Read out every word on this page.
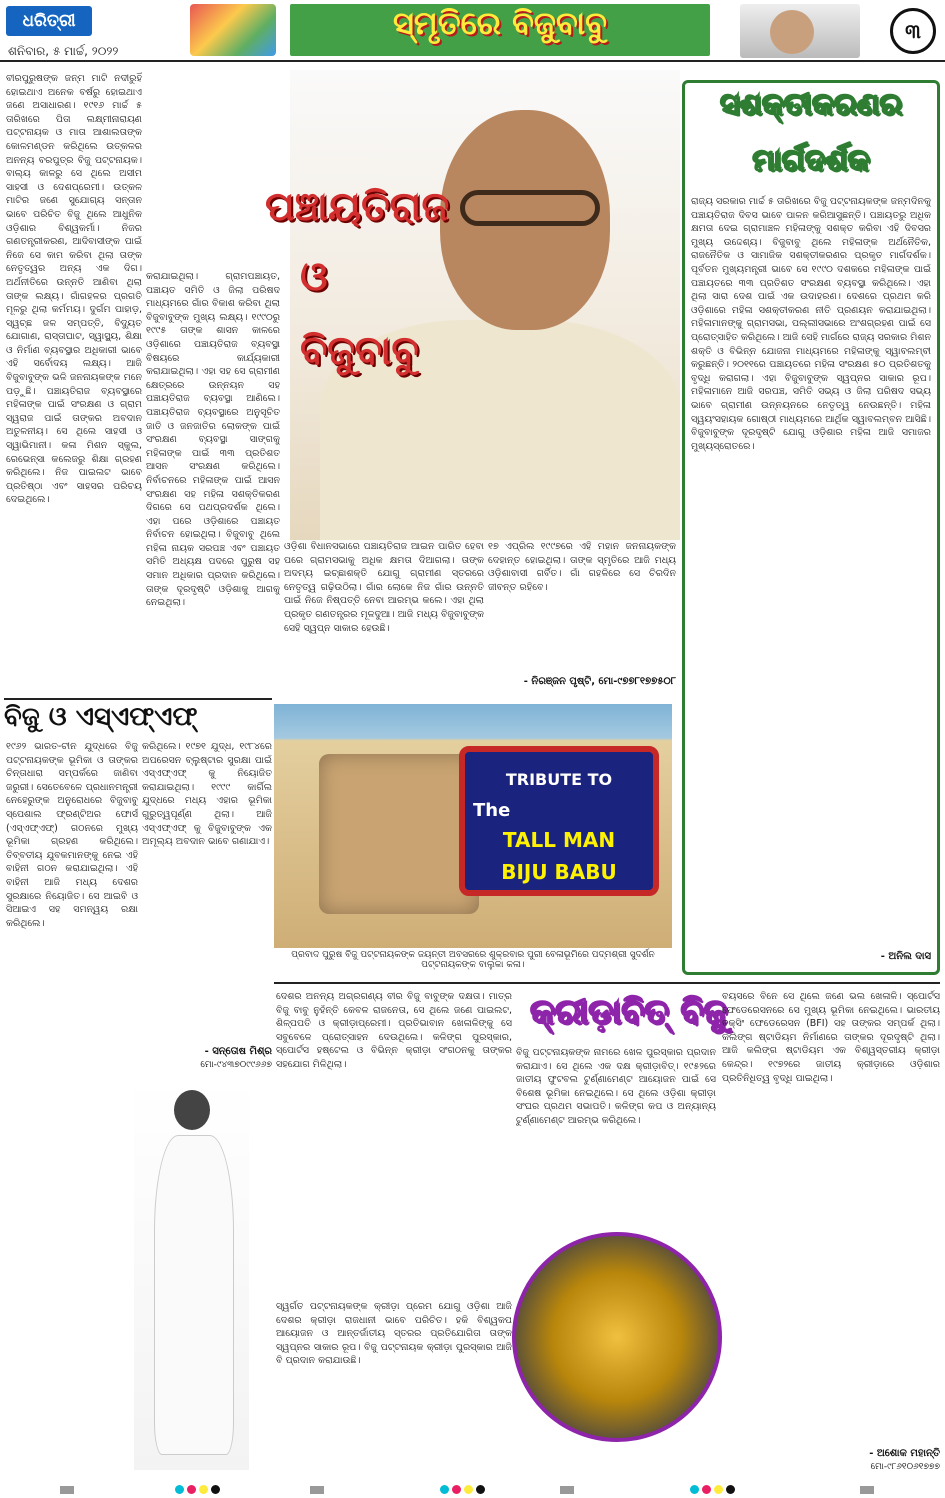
ଧରିତ୍ରୀ
ଶନିବାର, ୫ ମାର୍ଚ୍ଚ, ୨୦୨୨
ସ୍ମୃତିରେ ବିଜୁବାବୁ	୩
ପଞ୍ଚାୟତିରାଜ
ଓ ବିଜୁବାବୁ

ବୀରପୁରୁଷଙ୍କ ଜନ୍ମ ମାଟି ନଦୀରୁହିଁ ହୋଇଥାଏ ଅନେକ ବର୍ଷରୁ ହୋଇଥାଏ ଜଣେ ଅସାଧାରଣ। ୧୯୧୬ ମାର୍ଚ୍ଚ ୫ ତାରିଖରେ ପିତା ଲକ୍ଷ୍ମୀନାରାୟଣ ପଟ୍ଟନାୟକ ଓ ମାତା ଆଶାଲତାଙ୍କ କୋଳମଣ୍ଡନ କରିଥିଲେ ଉତ୍କଳର ଅନନ୍ୟ ବରପୁତ୍ର ବିଜୁ ପଟ୍ଟନାୟକ। ବାଲ୍ୟ କାଳରୁ ସେ ଥିଲେ ଅସୀମ ସାହସୀ ଓ ଦେଶପ୍ରେମୀ। ଉତ୍କଳ ମାଟିର ଜଣେ ସୁଯୋଗ୍ୟ ସନ୍ତାନ ଭାବେ ପରିଚିତ ବିଜୁ ଥିଲେ ଆଧୁନିକ ଓଡ଼ିଶାର ବିଶ୍ୱକର୍ମା। ନିଜର ଗଣତନ୍ତ୍ରୀକରଣ, ଆଦିବାସୀଙ୍କ ପାଇଁ ନିଜେ ସେ କାମ କରିବା ଥିଲା ତାଙ୍କ ନେତୃତ୍ୱର ଅନ୍ୟ ଏକ ଦିଗ। ଅର୍ଥନୀତିରେ ଉନ୍ନତି ଆଣିବା ଥିଲା ତାଙ୍କ ଲକ୍ଷ୍ୟ। ଗାଁଗହଳର ପ୍ରଗତି ମୂଳରୁ ଥିଲା କର୍ମମୟ। ଦୁର୍ଗମ ପାହାଡ଼, ସ୍ୱଚ୍ଛ ଜଳ ସମ୍ପତ୍ତି, ବିଦ୍ୟୁତ ଯୋଗାଣ, ରାସ୍ତାଘାଟ, ସ୍ୱାସ୍ଥ୍ୟ, ଶିକ୍ଷା ଓ ନିର୍ମାଣ ବ୍ୟବସ୍ଥାର ଅଧିକାରୀ ଭାବେ ଏହି ସର୍ବୋଦୟ ଲକ୍ଷ୍ୟ। ଆଜି ବିଜୁବାବୁଙ୍କ ଭଳି ଜନନାୟକଙ୍କ ମନେ ପଡ଼ୁଛି। ପଞ୍ଚାୟତିରାଜ ବ୍ୟବସ୍ଥାରେ ମହିଳାଙ୍କ ପାଇଁ ସଂରକ୍ଷଣ ଓ ଗ୍ରାମ ସ୍ୱରାଜ ପାଇଁ ତାଙ୍କର ଅବଦାନ ଅତୁଳନୀୟ। ସେ ଥିଲେ ସାହସୀ ଓ ସ୍ୱାଭିମାନୀ। କଳା ମିଶନ ସ୍କୁଲ, ରେଭେନ୍ସା କଲେଜରୁ ଶିକ୍ଷା ଗ୍ରହଣ କରିଥିଲେ। ନିଜ ପାଇଲଟ ଭାବେ ପ୍ରତିଷ୍ଠା ଏବଂ ସାହସର ପରିଚୟ ଦେଇଥିଲେ।

କରାଯାଇଥିଲା। ଗ୍ରାମପଞ୍ଚାୟତ, ପଞ୍ଚାୟତ ସମିତି ଓ ଜିଲା ପରିଷଦ ମାଧ୍ୟମରେ ଗାଁର ବିକାଶ କରିବା ଥିଲା ବିଜୁବାବୁଙ୍କ ମୁଖ୍ୟ ଲକ୍ଷ୍ୟ। ୧୯୯୦ରୁ ୧୯୯୫ ତାଙ୍କ ଶାସନ କାଳରେ ଓଡ଼ିଶାରେ ପଞ୍ଚାୟତିରାଜ ବ୍ୟବସ୍ଥା ବିଷୟରେ କାର୍ଯ୍ୟକାରୀ କରାଯାଇଥିଲା। ଏହା ସହ ସେ ଗ୍ରାମୀଣ କ୍ଷେତ୍ରରେ ଉନ୍ନୟନ ସହ ପଞ୍ଚାୟତିରାଜ ବ୍ୟବସ୍ଥା ଆଣିଲେ। ପଞ୍ଚାୟତିରାଜ ବ୍ୟବସ୍ଥାରେ ଅନୁସୂଚିତ ଜାତି ଓ ଜନଜାତିର ଲୋକଙ୍କ ପାଇଁ ସଂରକ୍ଷଣ ବ୍ୟବସ୍ଥା ସାଙ୍ଗକୁ ମହିଳାଙ୍କ ପାଇଁ ୩୩ ପ୍ରତିଶତ ଆସନ ସଂରକ୍ଷଣ କରିଥିଲେ। ନିର୍ବାଚନରେ ମହିଳାଙ୍କ ପାଇଁ ଆସନ ସଂରକ୍ଷଣ ସହ ମହିଳା ସଶକ୍ତିକରଣ ଦିଗରେ ସେ ପଥପ୍ରଦର୍ଶକ ଥିଲେ। ଏହା ପରେ ଓଡ଼ିଶାରେ ପଞ୍ଚାୟତ ନିର୍ବାଚନ ହୋଇଥିଲା। ବିଜୁବାବୁ ଥିଲେ ମହିଳା ନାୟକ ସରପଞ୍ଚ ଏବଂ ପଞ୍ଚାୟତ ସମିତି ଅଧ୍ୟକ୍ଷ ପଦରେ ପୁରୁଷ ସହ ସମାନ ଅଧିକାର ପ୍ରଦାନ କରିଥିଲେ। ତାଙ୍କ ଦୂରଦୃଷ୍ଟି ଓଡ଼ିଶାକୁ ଆଗକୁ ନେଇଥିଲା।

ଓଡ଼ିଶା ବିଧାନସଭାରେ ପଞ୍ଚାୟତିରାଜ ଆଇନ ପାରିତ ହେବା ପରେ ଗ୍ରାମସଭାକୁ ଅଧିକ କ୍ଷମତା ଦିଆଗଲା। ତାଙ୍କ ଅଦମ୍ୟ ଇଚ୍ଛାଶକ୍ତି ଯୋଗୁ ଗ୍ରାମୀଣ ସ୍ତରରେ ନେତୃତ୍ୱ ଗଢ଼ିଉଠିଲା। ଗାଁର ଲୋକେ ନିଜ ଗାଁର ଉନ୍ନତି ପାଇଁ ନିଜେ ନିଷ୍ପତ୍ତି ନେବା ଆରମ୍ଭ କଲେ। ଏହା ଥିଲା ପ୍ରକୃତ ଗଣତନ୍ତ୍ରର ମୂଳଦୁଆ। ଆଜି ମଧ୍ୟ ବିଜୁବାବୁଙ୍କ ସେହି ସ୍ୱପ୍ନ ସାକାର ହେଉଛି।

୧୭ ଏପ୍ରିଲ ୧୯୯୭ରେ ଏହି ମହାନ ଜନନାୟକଙ୍କ ଦେହାନ୍ତ ହୋଇଥିଲା। ତାଙ୍କ ସ୍ମୃତିରେ ଆଜି ମଧ୍ୟ ଓଡ଼ିଶାବାସୀ ଗର୍ବିତ। ଗାଁ ଗହଳିରେ ସେ ଚିରଦିନ ଜୀବନ୍ତ ରହିବେ।

- ନିରଞ୍ଜନ ପୃଷ୍ଟି, ମୋ-୯୭୭୮୧୭୭୫୦୮
ସଶକ୍ତୀକରଣର
ମାର୍ଗଦର୍ଶକ

ରାଜ୍ୟ ସରକାର ମାର୍ଚ୍ଚ ୫ ତାରିଖରେ ବିଜୁ ପଟ୍ଟନାୟକଙ୍କ ଜନ୍ମଦିନକୁ ପଞ୍ଚାୟତିରାଜ ଦିବସ ଭାବେ ପାଳନ କରିଆସୁଛନ୍ତି। ପଞ୍ଚାୟତରୁ ଅଧିକ କ୍ଷମତା ଦେଇ ଗ୍ରାମାଞ୍ଚଳ ମହିଳାଙ୍କୁ ସଶକ୍ତ କରିବା ଏହି ଦିବସର ମୁଖ୍ୟ ଉଦ୍ଦେଶ୍ୟ। ବିଜୁବାବୁ ଥିଲେ ମହିଳାଙ୍କ ଅର୍ଥନୈତିକ, ରାଜନୈତିକ ଓ ସାମାଜିକ ସଶକ୍ତୀକରଣର ପ୍ରକୃତ ମାର୍ଗଦର୍ଶକ। ପୂର୍ବତନ ମୁଖ୍ୟମନ୍ତ୍ରୀ ଭାବେ ସେ ୧୯୯୦ ଦଶକରେ ମହିଳାଙ୍କ ପାଇଁ ପଞ୍ଚାୟତରେ ୩୩ ପ୍ରତିଶତ ସଂରକ୍ଷଣ ବ୍ୟବସ୍ଥା କରିଥିଲେ। ଏହା ଥିଲା ସାରା ଦେଶ ପାଇଁ ଏକ ଉଦାହରଣ। ଦେଶରେ ପ୍ରଥମ କରି ଓଡ଼ିଶାରେ ମହିଳା ସଶକ୍ତୀକରଣ ନୀତି ପ୍ରଣୟନ କରାଯାଇଥିଲା। ମହିଳାମାନଙ୍କୁ ଗ୍ରାମସଭା, ପଲ୍ଲୀସଭାରେ ଅଂଶଗ୍ରହଣ ପାଇଁ ସେ ପ୍ରୋତ୍ସାହିତ କରିଥିଲେ। ଆଜି ସେହି ମାର୍ଗରେ ରାଜ୍ୟ ସରକାର ମିଶନ ଶକ୍ତି ଓ ବିଭିନ୍ନ ଯୋଜନା ମାଧ୍ୟମରେ ମହିଳାଙ୍କୁ ସ୍ୱାବଲମ୍ବୀ କରୁଛନ୍ତି। ୨୦୧୧ରେ ପଞ୍ଚାୟତରେ ମହିଳା ସଂରକ୍ଷଣ ୫୦ ପ୍ରତିଶତକୁ ବୃଦ୍ଧି କରାଗଲା। ଏହା ବିଜୁବାବୁଙ୍କ ସ୍ୱପ୍ନର ସାକାର ରୂପ। ମହିଳାମାନେ ଆଜି ସରପଞ୍ଚ, ସମିତି ସଭ୍ୟ ଓ ଜିଲା ପରିଷଦ ସଭ୍ୟ ଭାବେ ଗ୍ରାମୀଣ ଉନ୍ନୟନରେ ନେତୃତ୍ୱ ନେଉଛନ୍ତି। ମହିଳା ସ୍ୱୟଂସହାୟକ ଗୋଷ୍ଠୀ ମାଧ୍ୟମରେ ଆର୍ଥିକ ସ୍ୱାବଲମ୍ବନ ଆସିଛି। ବିଜୁବାବୁଙ୍କ ଦୂରଦୃଷ୍ଟି ଯୋଗୁ ଓଡ଼ିଶାର ମହିଳା ଆଜି ସମାଜର ମୁଖ୍ୟସ୍ରୋତରେ।

- ଅନିଲ ଦାସ
ବିଜୁ ଓ ଏସ୍ଏଫ୍ଏଫ୍

୧୯୬୨ ଭାରତ-ଚୀନ ଯୁଦ୍ଧରେ ବିଜୁ ପଟ୍ଟନାୟକଙ୍କ ଭୂମିକା ଓ ତାଙ୍କର ଚିନ୍ତାଧାରା ସମ୍ପର୍କରେ ଜାଣିବା ଜରୁରୀ। ସେତେବେଳେ ପ୍ରଧାନମନ୍ତ୍ରୀ ନେହେରୁଙ୍କ ଅନୁରୋଧରେ ବିଜୁବାବୁ ସ୍ପେଶାଲ ଫ୍ରଣ୍ଟିଅର ଫୋର୍ସ (ଏସ୍ଏଫ୍ଏଫ୍) ଗଠନରେ ମୁଖ୍ୟ ଭୂମିକା ଗ୍ରହଣ କରିଥିଲେ। ତିବ୍ବତୀୟ ଯୁବକମାନଙ୍କୁ ନେଇ ଏହି ବାହିନୀ ଗଠନ କରାଯାଇଥିଲା। ଏହି ବାହିନୀ ଆଜି ମଧ୍ୟ ଦେଶର ସୁରକ୍ଷାରେ ନିୟୋଜିତ। ସେ ଆଇବି ଓ ସିଆଇଏ ସହ ସମନ୍ୱୟ ରକ୍ଷା କରିଥିଲେ।

କରିଥିଲେ। ୧୯୭୧ ଯୁଦ୍ଧ, ୧୯୮୪ରେ ଅପରେସନ ବ୍ଲୁଷ୍ଟାର ସୁରକ୍ଷା ପାଇଁ ଏସ୍ଏଫ୍ଏଫ୍ କୁ ନିୟୋଜିତ କରାଯାଇଥିଲା। ୧୯୯୯ କାର୍ଗିଲ ଯୁଦ୍ଧରେ ମଧ୍ୟ ଏହାର ଭୂମିକା ଗୁରୁତ୍ୱପୂର୍ଣ୍ଣ ଥିଲା। ଆଜି ଏସ୍ଏଫ୍ଏଫ୍ କୁ ବିଜୁବାବୁଙ୍କ ଏକ ଅମୂଲ୍ୟ ଅବଦାନ ଭାବେ ଗଣାଯାଏ।

- ସନ୍ତୋଷ ମିଶ୍ର
ମୋ-୯୪୩୭୦୯୯୬୬୭
TRIBUTE TO
The
TALL MAN
BIJU BABU
ପ୍ରବାଦ ପୁରୁଷ ବିଜୁ ପଟ୍ଟନାୟକଙ୍କ ଜୟନ୍ତୀ ଅବସରରେ ଶୁକ୍ରବାର ପୁରୀ ବେଳାଭୂମିରେ ପଦ୍ମଶ୍ରୀ ସୁଦର୍ଶନ ପଟ୍ଟନାୟକଙ୍କ ବାଲୁକା କଳା।

ଦେଶର ଅନନ୍ୟ ଅଗ୍ରଗଣ୍ୟ ବୀର ବିଜୁ ବାବୁଙ୍କ ଦକ୍ଷତା। ମାତ୍ର ବିଜୁ ବାବୁ ନୁହଁନ୍ତି କେବଳ ରାଜନେତା, ସେ ଥିଲେ ଜଣେ ପାଇଲଟ, ଶିଳ୍ପପତି ଓ କ୍ରୀଡ଼ାପ୍ରେମୀ। ପ୍ରତିଭାବାନ ଖେଳାଳିଙ୍କୁ ସେ ସବୁବେଳେ ପ୍ରୋତ୍ସାହନ ଦେଉଥିଲେ। କଳିଙ୍ଗ ପୁରସ୍କାର, ସ୍ପୋର୍ଟସ ହଷ୍ଟେଲ ଓ ବିଭିନ୍ନ କ୍ରୀଡ଼ା ସଂଗଠନକୁ ତାଙ୍କର ସହଯୋଗ ମିଳିଥିଲା।

କ୍ରୀଡ଼ାବିତ୍ ବିଜୁ

ବିଜୁ ପଟ୍ଟନାୟକଙ୍କ ନାମରେ ଖେଳ ପୁରସ୍କାର ପ୍ରଦାନ କରାଯାଏ। ସେ ଥିଲେ ଏକ ଦକ୍ଷ କ୍ରୀଡ଼ାବିତ୍। ୧୯୫୨ରେ ଜାତୀୟ ଫୁଟବଲ ଟୁର୍ଣ୍ଣାମେଣ୍ଟ ଆୟୋଜନ ପାଇଁ ସେ ବିଶେଷ ଭୂମିକା ନେଇଥିଲେ। ସେ ଥିଲେ ଓଡ଼ିଶା କ୍ରୀଡ଼ା ସଂଘର ପ୍ରଥମ ସଭାପତି। କଳିଙ୍ଗ କପ ଓ ଅନ୍ୟାନ୍ୟ ଟୁର୍ଣ୍ଣାମେଣ୍ଟ ଆରମ୍ଭ କରିଥିଲେ।

ବୟସରେ ବିନେ ସେ ଥିଲେ ଜଣେ ଭଲ ଖେଳାଳି। ସ୍ପୋର୍ଟସ ଫେଡେରେସନରେ ସେ ମୁଖ୍ୟ ଭୂମିକା ନେଇଥିଲେ। ଭାରତୀୟ ବକ୍ସିଂ ଫେଡେରେସନ (BFI) ସହ ତାଙ୍କର ସମ୍ପର୍କ ଥିଲା। କଲିଙ୍ଗ ଷ୍ଟାଡିୟମ ନିର୍ମାଣରେ ତାଙ୍କର ଦୂରଦୃଷ୍ଟି ଥିଲା। ଆଜି କଲିଙ୍ଗ ଷ୍ଟାଡିୟମ ଏକ ବିଶ୍ୱସ୍ତରୀୟ କ୍ରୀଡ଼ା କେନ୍ଦ୍ର। ୧୯୭୨ରେ ଜାତୀୟ କ୍ରୀଡ଼ାରେ ଓଡ଼ିଶାର ପ୍ରତିନିଧିତ୍ୱ ବୃଦ୍ଧି ପାଇଥିଲା।

ସ୍ୱର୍ଗତ ପଟ୍ଟନାୟକଙ୍କ କ୍ରୀଡ଼ା ପ୍ରେମ ଯୋଗୁ ଓଡ଼ିଶା ଆଜି ଦେଶର କ୍ରୀଡ଼ା ରାଜଧାନୀ ଭାବେ ପରିଚିତ। ହକି ବିଶ୍ୱକପ ଆୟୋଜନ ଓ ଆନ୍ତର୍ଜାତୀୟ ସ୍ତରର ପ୍ରତିଯୋଗିତା ତାଙ୍କ ସ୍ୱପ୍ନର ସାକାର ରୂପ। ବିଜୁ ପଟ୍ଟନାୟକ କ୍ରୀଡ଼ା ପୁରସ୍କାର ଆଜି ବି ପ୍ରଦାନ କରାଯାଉଛି।

- ଅଶୋକ ମହାନ୍ତି
ମୋ-୯୮୬୧୦୬୧୭୭୭
